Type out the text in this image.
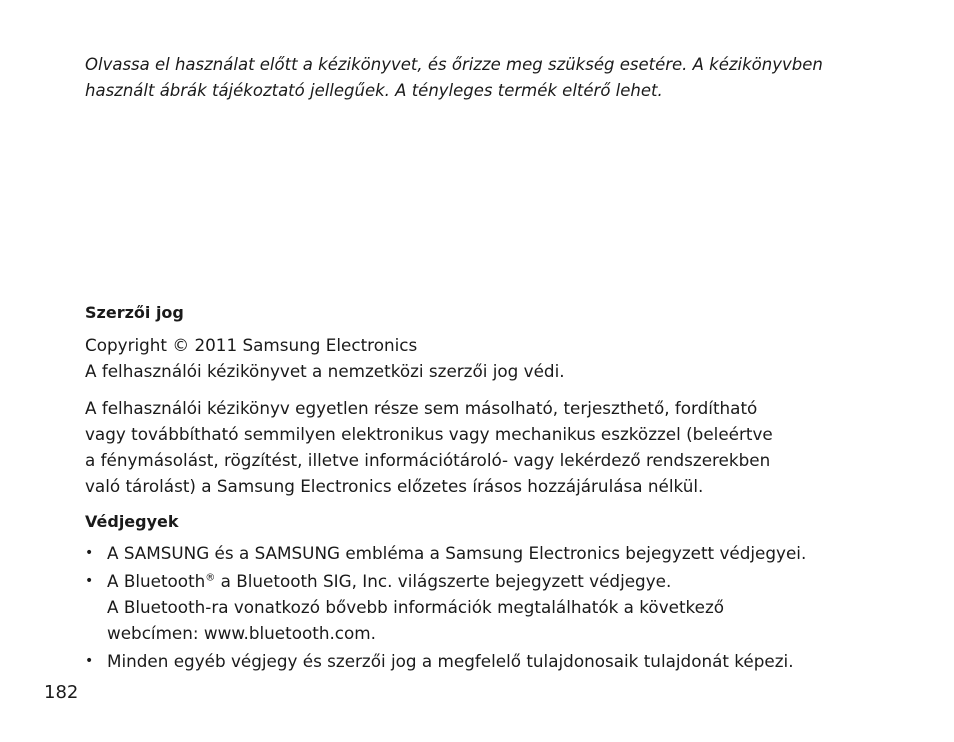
Olvassa el használat előtt a kézikönyvet, és őrizze meg szükség esetére. A kézikönyvben
használt ábrák tájékoztató jellegűek. A tényleges termék eltérő lehet.
Szerzői jog
Copyright © 2011 Samsung Electronics
A felhasználói kézikönyvet a nemzetközi szerzői jog védi.
A felhasználói kézikönyv egyetlen része sem másolható, terjeszthető, fordítható
vagy továbbítható semmilyen elektronikus vagy mechanikus eszközzel (beleértve
a fénymásolást, rögzítést, illetve információtároló- vagy lekérdező rendszerekben
való tárolást) a Samsung Electronics előzetes írásos hozzájárulása nélkül.
Védjegyek
• A SAMSUNG és a SAMSUNG embléma a Samsung Electronics bejegyzett védjegyei.
• A Bluetooth® a Bluetooth SIG, Inc. világszerte bejegyzett védjegye.
A Bluetooth-ra vonatkozó bővebb információk megtalálhatók a következő
webcímen: www.bluetooth.com.
• Minden egyéb végjegy és szerzői jog a megfelelő tulajdonosaik tulajdonát képezi.
182
